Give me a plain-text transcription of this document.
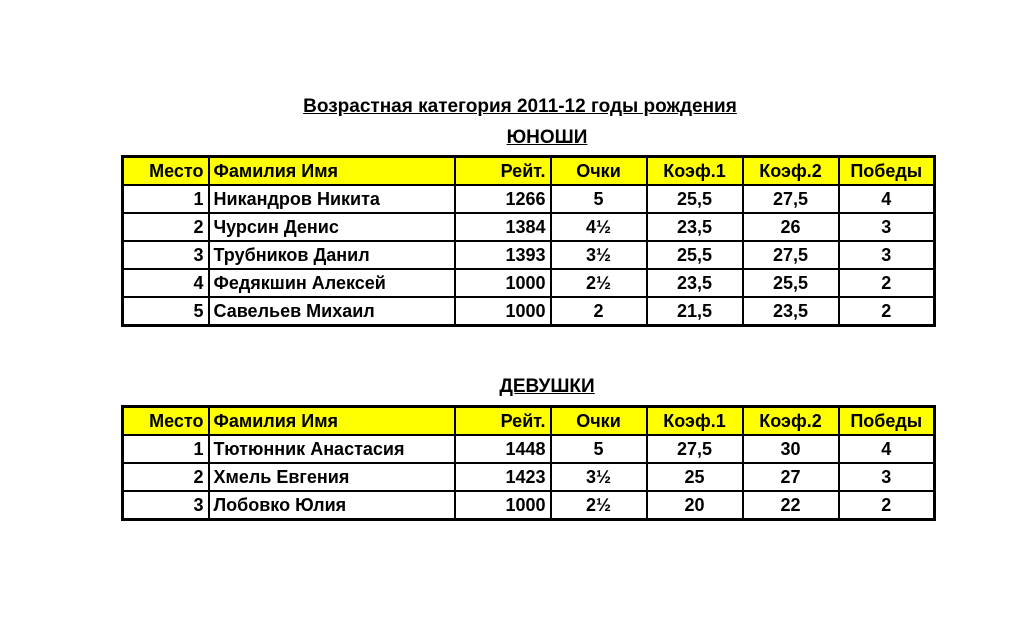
Возрастная категория 2011-12 годы рождения
ЮНОШИ
Место	Фамилия Имя	Рейт.	Очки	Коэф.1	Коэф.2	Победы
1	Никандров Никита	1266	5	25,5	27,5	4
2	Чурсин Денис	1384	4½	23,5	26	3
3	Трубников Данил	1393	3½	25,5	27,5	3
4	Федякшин Алексей	1000	2½	23,5	25,5	2
5	Савельев Михаил	1000	2	21,5	23,5	2
ДЕВУШКИ
Место	Фамилия Имя	Рейт.	Очки	Коэф.1	Коэф.2	Победы
1	Тютюнник Анастасия	1448	5	27,5	30	4
2	Хмель Евгения	1423	3½	25	27	3
3	Лобовко Юлия	1000	2½	20	22	2
